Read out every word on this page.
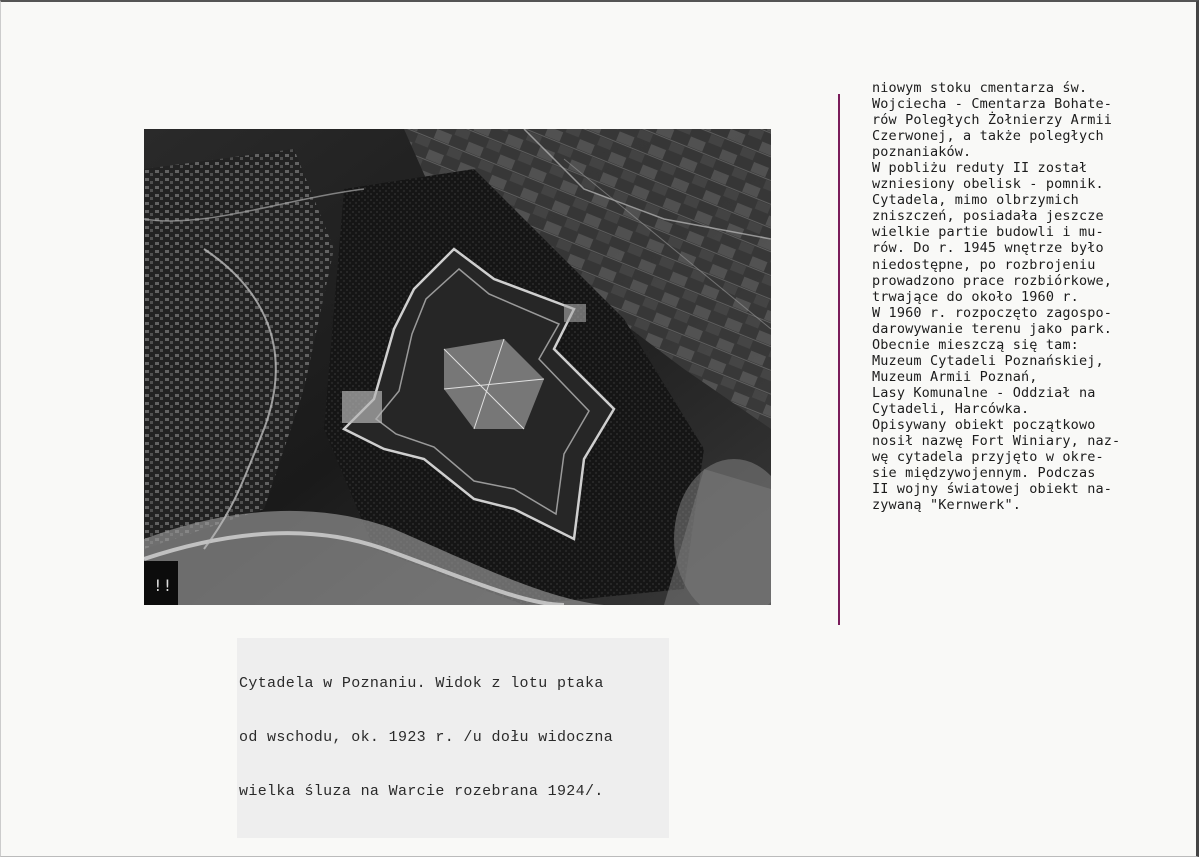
!!

Cytadela w Poznaniu. Widok z lotu ptaka

od wschodu, ok. 1923 r. /u dołu widoczna

wielka śluza na Warcie rozebrana 1924/.

niowym stoku cmentarza św.
Wojciecha - Cmentarza Bohate-
rów Poległych Żołnierzy Armii
Czerwonej, a także poległych
poznaniaków.
W pobliżu reduty II został
wzniesiony obelisk - pomnik.
Cytadela, mimo olbrzymich
zniszczeń, posiadała jeszcze
wielkie partie budowli i mu-
rów. Do r. 1945 wnętrze było
niedostępne, po rozbrojeniu
prowadzono prace rozbiórkowe,
trwające do około 1960 r.
W 1960 r. rozpoczęto zagospo-
darowywanie terenu jako park.
Obecnie mieszczą się tam:
Muzeum Cytadeli Poznańskiej,
Muzeum Armii Poznań,
Lasy Komunalne - Oddział na
Cytadeli, Harcówka.
Opisywany obiekt początkowo
nosił nazwę Fort Winiary, naz-
wę cytadela przyjęto w okre-
sie międzywojennym. Podczas
II wojny światowej obiekt na-
zywaną "Kernwerk".
